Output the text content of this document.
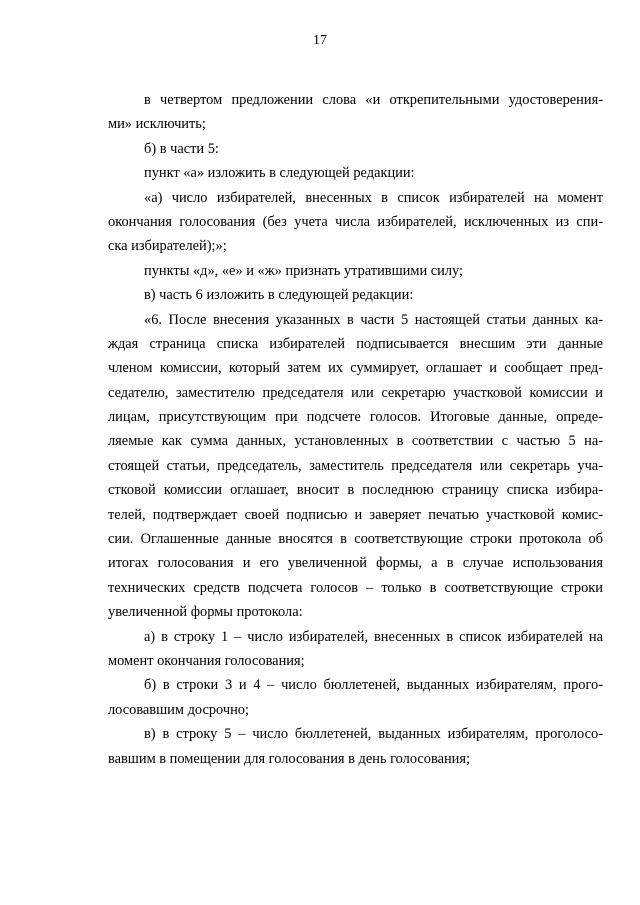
17
в четвертом предложении слова «и открепительными удостоверения-
ми» исключить;
б) в части 5:
пункт «а» изложить в следующей редакции:
«а) число избирателей, внесенных в список избирателей на момент
окончания голосования (без учета числа избирателей, исключенных из спи-
ска избирателей);»;
пункты «д», «е» и «ж» признать утратившими силу;
в) часть 6 изложить в следующей редакции:
«6. После внесения указанных в части 5 настоящей статьи данных ка-
ждая страница списка избирателей подписывается внесшим эти данные
членом комиссии, который затем их суммирует, оглашает и сообщает пред-
седателю, заместителю председателя или секретарю участковой комиссии и
лицам, присутствующим при подсчете голосов. Итоговые данные, опреде-
ляемые как сумма данных, установленных в соответствии с частью 5 на-
стоящей статьи, председатель, заместитель председателя или секретарь уча-
стковой комиссии оглашает, вносит в последнюю страницу списка избира-
телей, подтверждает своей подписью и заверяет печатью участковой комис-
сии. Оглашенные данные вносятся в соответствующие строки протокола об
итогах голосования и его увеличенной формы, а в случае использования
технических средств подсчета голосов – только в соответствующие строки
увеличенной формы протокола:
а) в строку 1 – число избирателей, внесенных в список избирателей на
момент окончания голосования;
б) в строки 3 и 4 – число бюллетеней, выданных избирателям, прого-
лосовавшим досрочно;
в) в строку 5 – число бюллетеней, выданных избирателям, проголосо-
вавшим в помещении для голосования в день голосования;
